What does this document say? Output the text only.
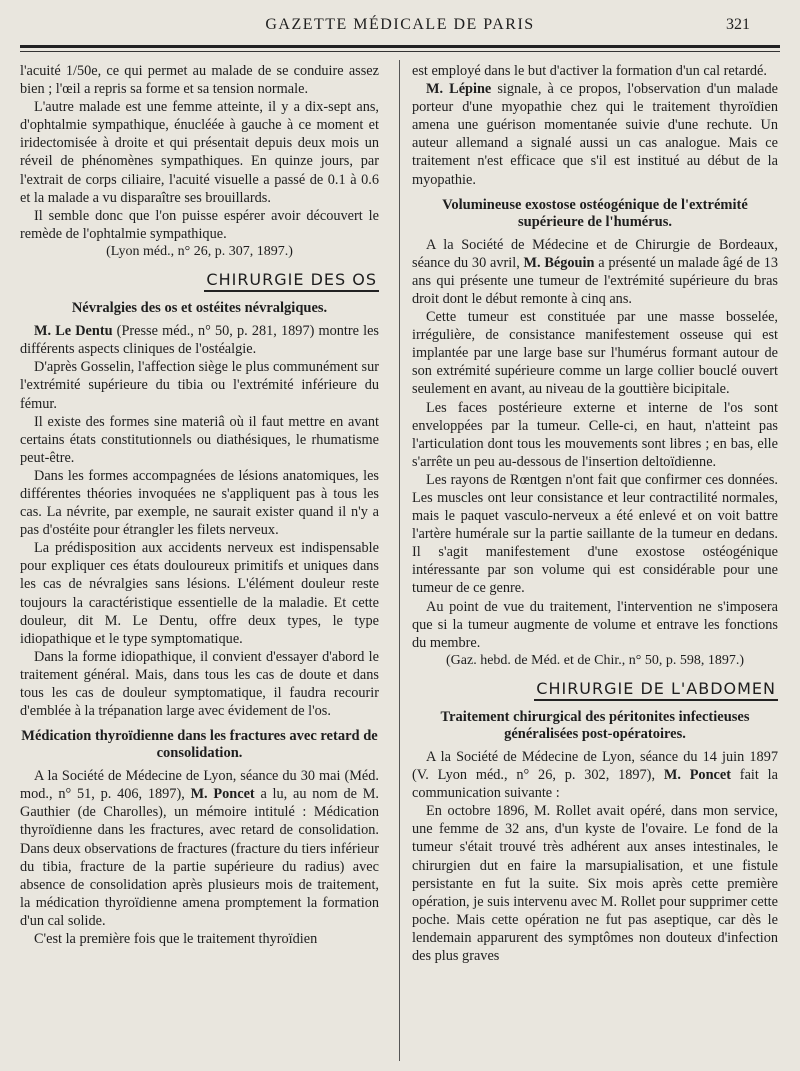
GAZETTE MÉDICALE DE PARIS	321

l'acuité 1/50e, ce qui permet au malade de se conduire assez bien ; l'œil a repris sa forme et sa tension normale.

L'autre malade est une femme atteinte, il y a dix-sept ans, d'ophtalmie sympathique, énucléée à gauche à ce moment et iridectomisée à droite et qui présentait depuis deux mois un réveil de phénomènes sympathiques. En quinze jours, par l'extrait de corps ciliaire, l'acuité visuelle a passé de 0.1 à 0.6 et la malade a vu disparaître ses brouillards.

Il semble donc que l'on puisse espérer avoir découvert le remède de l'ophtalmie sympathique.

(Lyon méd., n° 26, p. 307, 1897.)

CHIRURGIE DES OS
Névralgies des os et ostéites névralgiques.

M. Le Dentu (Presse méd., n° 50, p. 281, 1897) montre les différents aspects cliniques de l'ostéalgie.

D'après Gosselin, l'affection siège le plus communément sur l'extrémité supérieure du tibia ou l'extrémité inférieure du fémur.

Il existe des formes sine materiâ où il faut mettre en avant certains états constitutionnels ou diathésiques, le rhumatisme peut-être.

Dans les formes accompagnées de lésions anatomiques, les différentes théories invoquées ne s'appliquent pas à tous les cas. La névrite, par exemple, ne saurait exister quand il n'y a pas d'ostéite pour étrangler les filets nerveux.

La prédisposition aux accidents nerveux est indispensable pour expliquer ces états douloureux primitifs et uniques dans les cas de névralgies sans lésions. L'élément douleur reste toujours la caractéristique essentielle de la maladie. Et cette douleur, dit M. Le Dentu, offre deux types, le type idiopathique et le type symptomatique.

Dans la forme idiopathique, il convient d'essayer d'abord le traitement général. Mais, dans tous les cas de doute et dans tous les cas de douleur symptomatique, il faudra recourir d'emblée à la trépanation large avec évidement de l'os.

Médication thyroïdienne dans les fractures avec retard de consolidation.

A la Société de Médecine de Lyon, séance du 30 mai (Méd. mod., n° 51, p. 406, 1897), M. Poncet a lu, au nom de M. Gauthier (de Charolles), un mémoire intitulé : Médication thyroïdienne dans les fractures, avec retard de consolidation. Dans deux observations de fractures (fracture du tiers inférieur du tibia, fracture de la partie supérieure du radius) avec absence de consolidation après plusieurs mois de traitement, la médication thyroïdienne amena promptement la formation d'un cal solide.

C'est la première fois que le traitement thyroïdien

est employé dans le but d'activer la formation d'un cal retardé.

M. Lépine signale, à ce propos, l'observation d'un malade porteur d'une myopathie chez qui le traitement thyroïdien amena une guérison momentanée suivie d'une rechute. Un auteur allemand a signalé aussi un cas analogue. Mais ce traitement n'est efficace que s'il est institué au début de la myopathie.

Volumineuse exostose ostéogénique de l'extrémité supérieure de l'humérus.

A la Société de Médecine et de Chirurgie de Bordeaux, séance du 30 avril, M. Bégouin a présenté un malade âgé de 13 ans qui présente une tumeur de l'extrémité supérieure du bras droit dont le début remonte à cinq ans.

Cette tumeur est constituée par une masse bosselée, irrégulière, de consistance manifestement osseuse qui est implantée par une large base sur l'humérus formant autour de son extrémité supérieure comme un large collier bouclé ouvert seulement en avant, au niveau de la gouttière bicipitale.

Les faces postérieure externe et interne de l'os sont enveloppées par la tumeur. Celle-ci, en haut, n'atteint pas l'articulation dont tous les mouvements sont libres ; en bas, elle s'arrête un peu au-dessous de l'insertion deltoïdienne.

Les rayons de Rœntgen n'ont fait que confirmer ces données. Les muscles ont leur consistance et leur contractilité normales, mais le paquet vasculo-nerveux a été enlevé et on voit battre l'artère humérale sur la partie saillante de la tumeur en dedans. Il s'agit manifestement d'une exostose ostéogénique intéressante par son volume qui est considérable pour une tumeur de ce genre.

Au point de vue du traitement, l'intervention ne s'imposera que si la tumeur augmente de volume et entrave les fonctions du membre.

(Gaz. hebd. de Méd. et de Chir., n° 50, p. 598, 1897.)

CHIRURGIE DE L'ABDOMEN
Traitement chirurgical des péritonites infectieuses généralisées post-opératoires.

A la Société de Médecine de Lyon, séance du 14 juin 1897 (V. Lyon méd., n° 26, p. 302, 1897), M. Poncet fait la communication suivante :

En octobre 1896, M. Rollet avait opéré, dans mon service, une femme de 32 ans, d'un kyste de l'ovaire. Le fond de la tumeur s'était trouvé très adhérent aux anses intestinales, le chirurgien dut en faire la marsupialisation, et une fistule persistante en fut la suite. Six mois après cette première opération, je suis intervenu avec M. Rollet pour supprimer cette poche. Mais cette opération ne fut pas aseptique, car dès le lendemain apparurent des symptômes non douteux d'infection des plus graves
